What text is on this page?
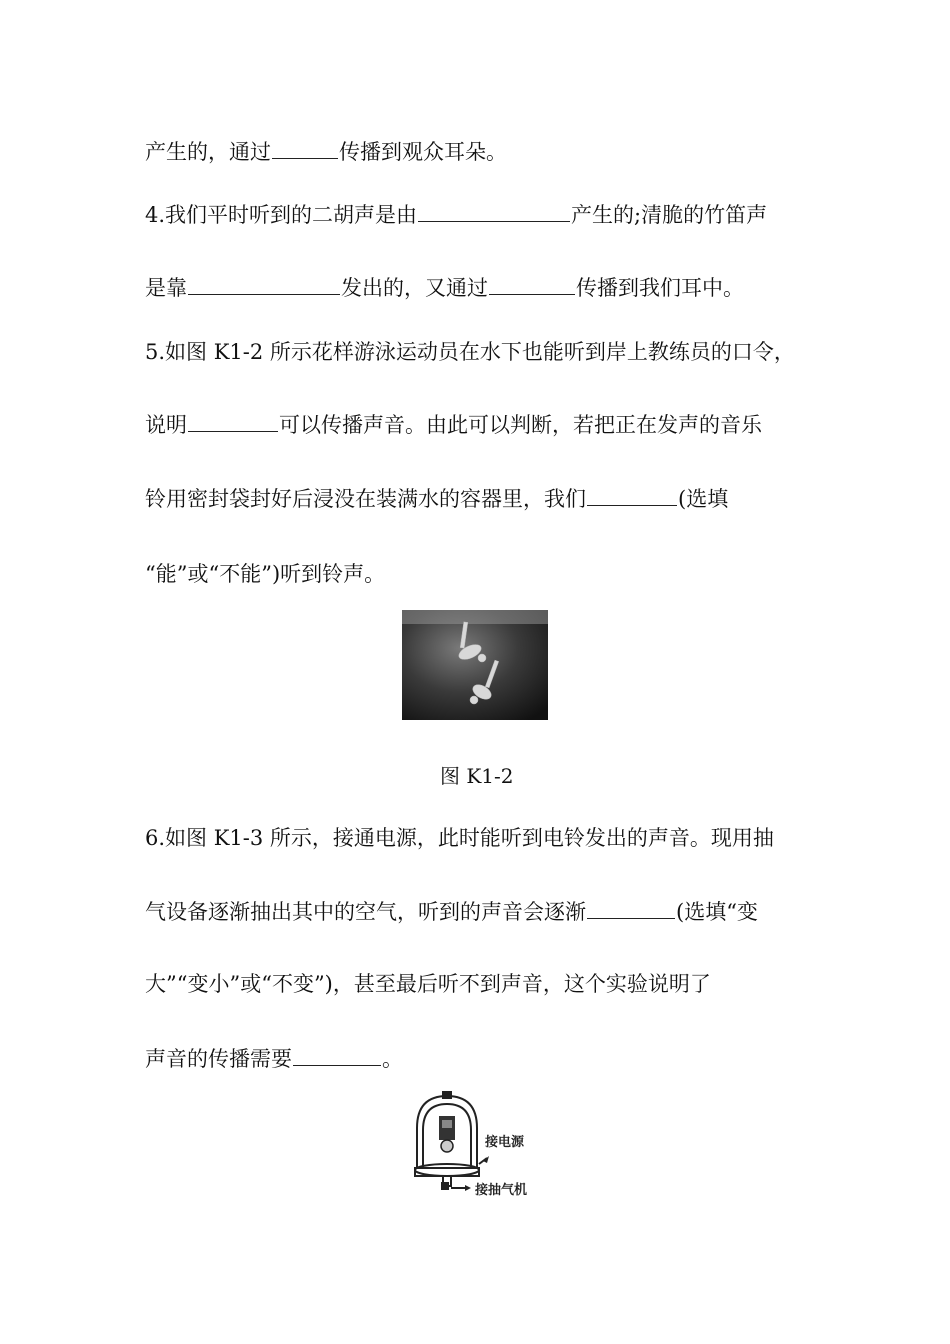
产生的，通过	传播到观众耳朵。
4.我们平时听到的二胡声是由	产生的;清脆的竹笛声
是靠	发出的，又通过	传播到我们耳中。
5.如图 K1-2 所示花样游泳运动员在水下也能听到岸上教练员的口令，
说明	可以传播声音。由此可以判断，若把正在发声的音乐
铃用密封袋封好后浸没在装满水的容器里，我们	(选填
“能”或“不能”)听到铃声。
图 K1-2
6.如图 K1-3 所示，接通电源，此时能听到电铃发出的声音。现用抽
气设备逐渐抽出其中的空气，听到的声音会逐渐	(选填“变
大”“变小”或“不变”)，甚至最后听不到声音，这个实验说明了
声音的传播需要	。
接电源
接抽气机
